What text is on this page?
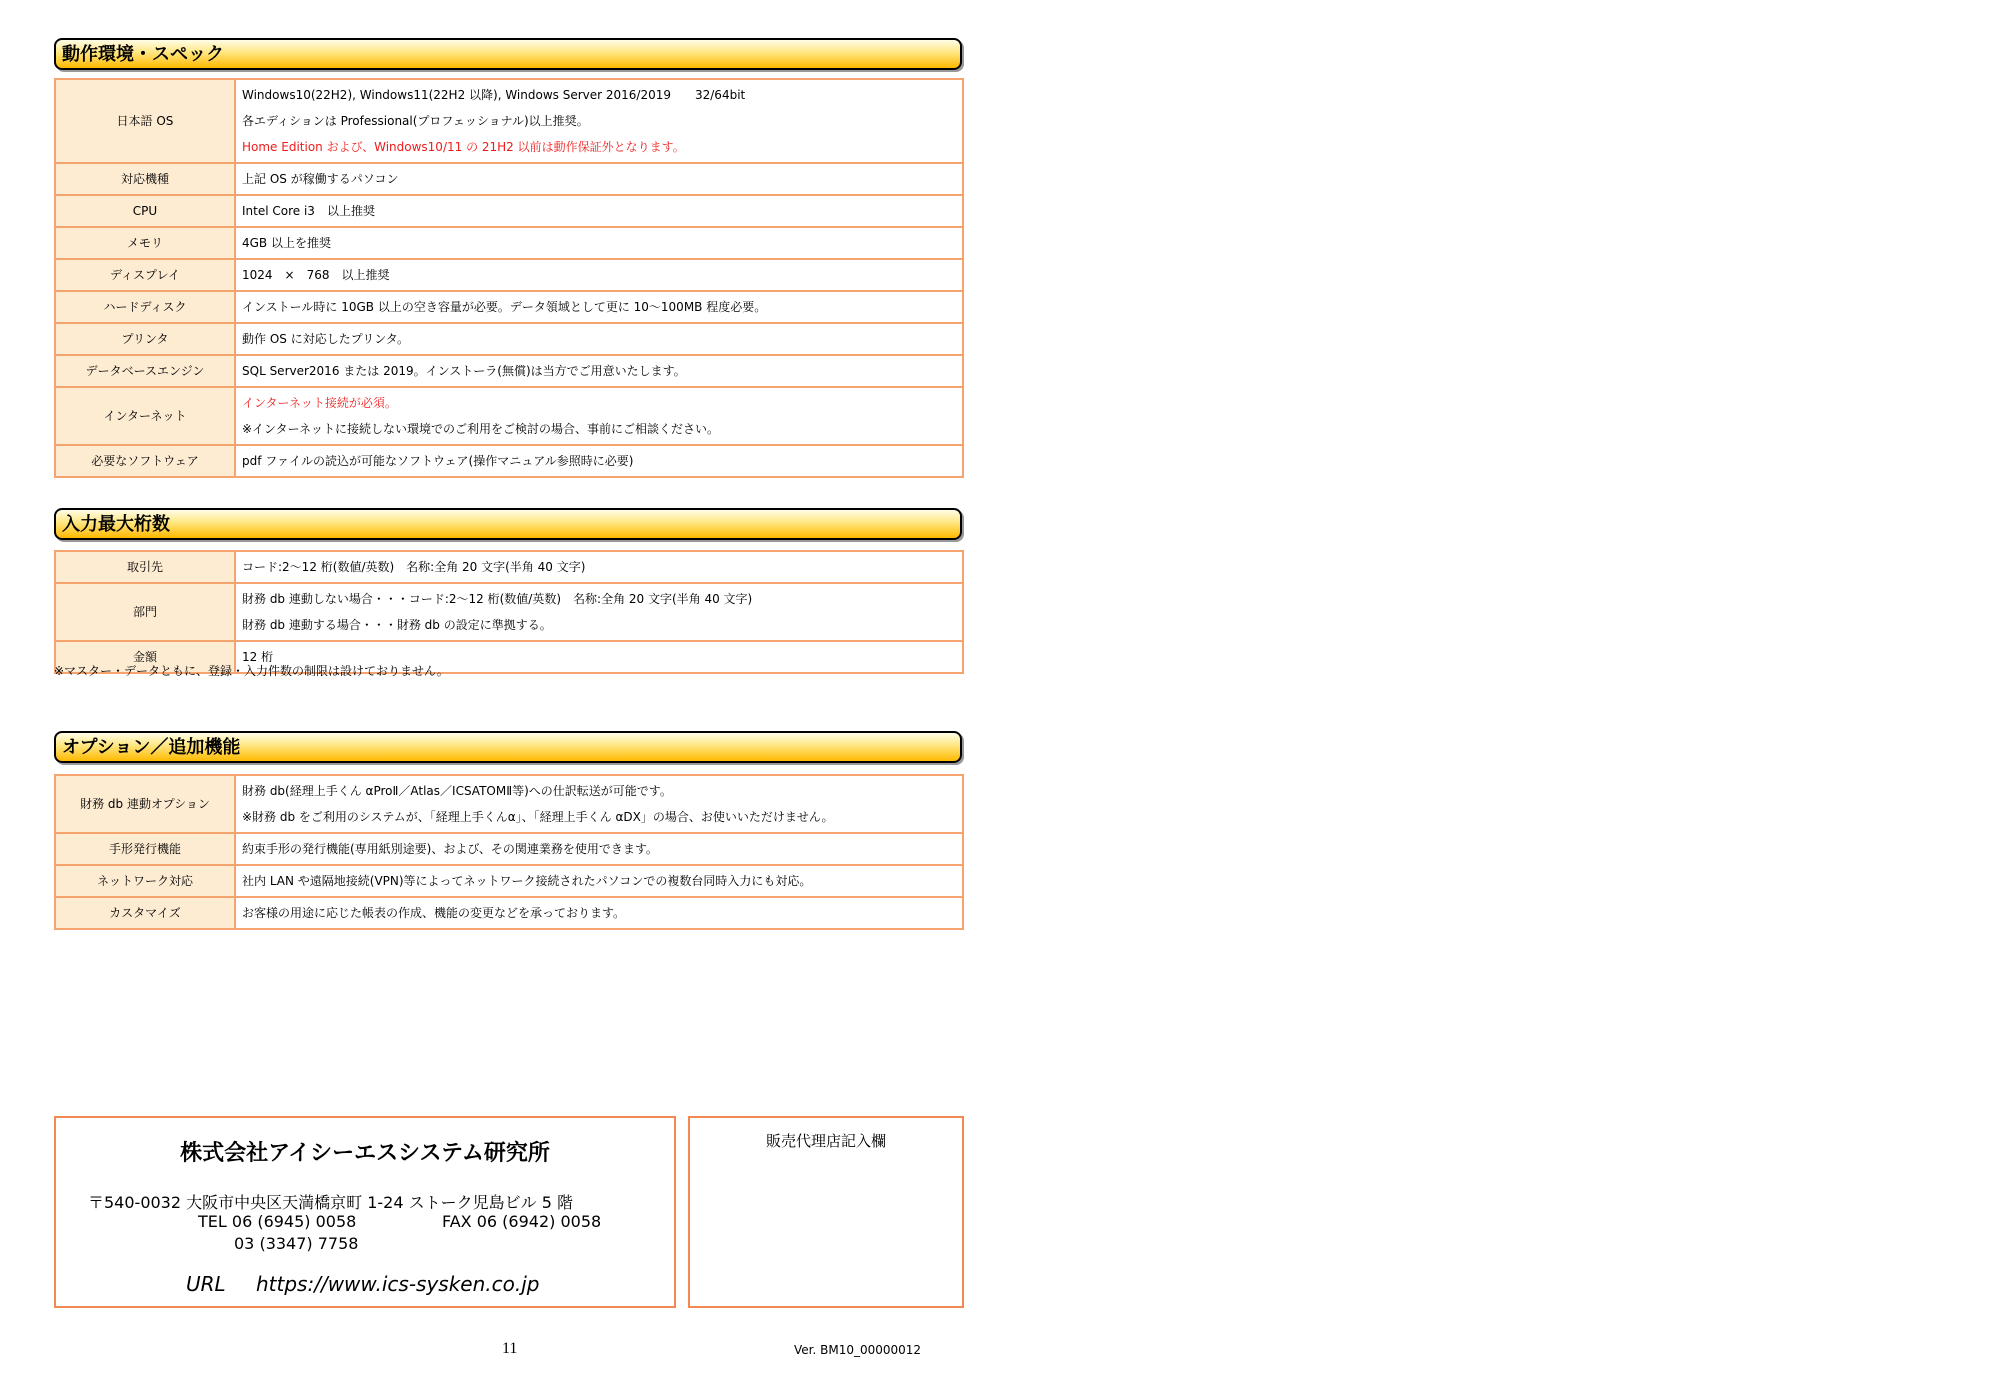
動作環境・スペック
日本語 OS	Windows10(22H2), Windows11(22H2 以降), Windows Server 2016/2019　　32/64bit
各エディションは Professional(プロフェッショナル)以上推奨。
Home Edition および、Windows10/11 の 21H2 以前は動作保証外となります。

対応機種	上記 OS が稼働するパソコン

CPU	Intel Core i3　以上推奨

メモリ	4GB 以上を推奨

ディスプレイ	1024　×　768　以上推奨

ハードディスク	インストール時に 10GB 以上の空き容量が必要。データ領域として更に 10～100MB 程度必要。

プリンタ	動作 OS に対応したプリンタ。

データベースエンジン	SQL Server2016 または 2019。インストーラ(無償)は当方でご用意いたします。

インターネット	インターネット接続が必須。
※インターネットに接続しない環境でのご利用をご検討の場合、事前にご相談ください。

必要なソフトウェア	pdf ファイルの読込が可能なソフトウェア(操作マニュアル参照時に必要)
入力最大桁数
取引先	コード:2～12 桁(数値/英数)　名称:全角 20 文字(半角 40 文字)

部門	財務 db 連動しない場合・・・コード:2～12 桁(数値/英数)　名称:全角 20 文字(半角 40 文字)
財務 db 連動する場合・・・財務 db の設定に準拠する。

金額	12 桁
※マスター・データともに、登録・入力件数の制限は設けておりません。
オプション／追加機能
財務 db 連動オプション	財務 db(経理上手くん αProⅡ／Atlas／ICSATOMⅡ等)への仕訳転送が可能です。
※財務 db をご利用のシステムが、「経理上手くんα」、「経理上手くん αDX」の場合、お使いいただけません。

手形発行機能	約束手形の発行機能(専用紙別途要)、および、その関連業務を使用できます。

ネットワーク対応	社内 LAN や遠隔地接続(VPN)等によってネットワーク接続されたパソコンでの複数台同時入力にも対応。

カスタマイズ	お客様の用途に応じた帳表の作成、機能の変更などを承っております。
株式会社アイシーエスシステム研究所
〒540-0032 大阪市中央区天満橋京町 1-24 ストーク児島ビル 5 階
TEL 06 (6945) 0058	FAX 06 (6942) 0058
03 (3347) 7758
URL https://www.ics-sysken.co.jp
販売代理店記入欄
11	Ver. BM10_00000012
